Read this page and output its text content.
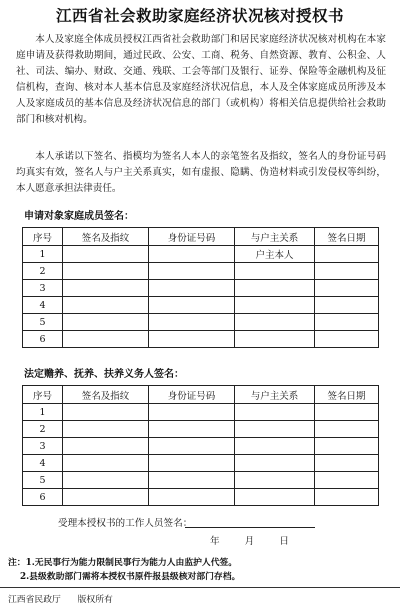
江西省社会救助家庭经济状况核对授权书
本人及家庭全体成员授权江西省社会救助部门和居民家庭经济状况核对机构在本家庭申请及获得救助期间，通过民政、公安、工商、税务、自然资源、教育、公积金、人社、司法、编办、财政、交通、残联、工会等部门及银行、证券、保险等金融机构及征信机构，查询、核对本人基本信息及家庭经济状况信息，本人及全体家庭成员所涉及本人及家庭成员的基本信息及经济状况信息的部门（或机构）将相关信息提供给社会救助部门和核对机构。
本人承诺以下签名、指模均为签名人本人的亲笔签名及指纹，签名人的身份证号码均真实有效，签名人与户主关系真实，如有虚报、隐瞒、伪造材料或引发侵权等纠纷，本人愿意承担法律责任。
申请对象家庭成员签名：
序号	签名及指纹	身份证号码	与户主关系	签名日期
1			户主本人	
2				
3				
4				
5				
6				
法定赡养、抚养、扶养义务人签名：
序号	签名及指纹	身份证号码	与户主关系	签名日期
1				
2				
3				
4				
5				
6				
受理本授权书的工作人员签名：
年	月	日
注：1.无民事行为能力限制民事行为能力人由监护人代签。
2.县级救助部门需将本授权书原件报县级核对部门存档。
江西省民政厅 版权所有
